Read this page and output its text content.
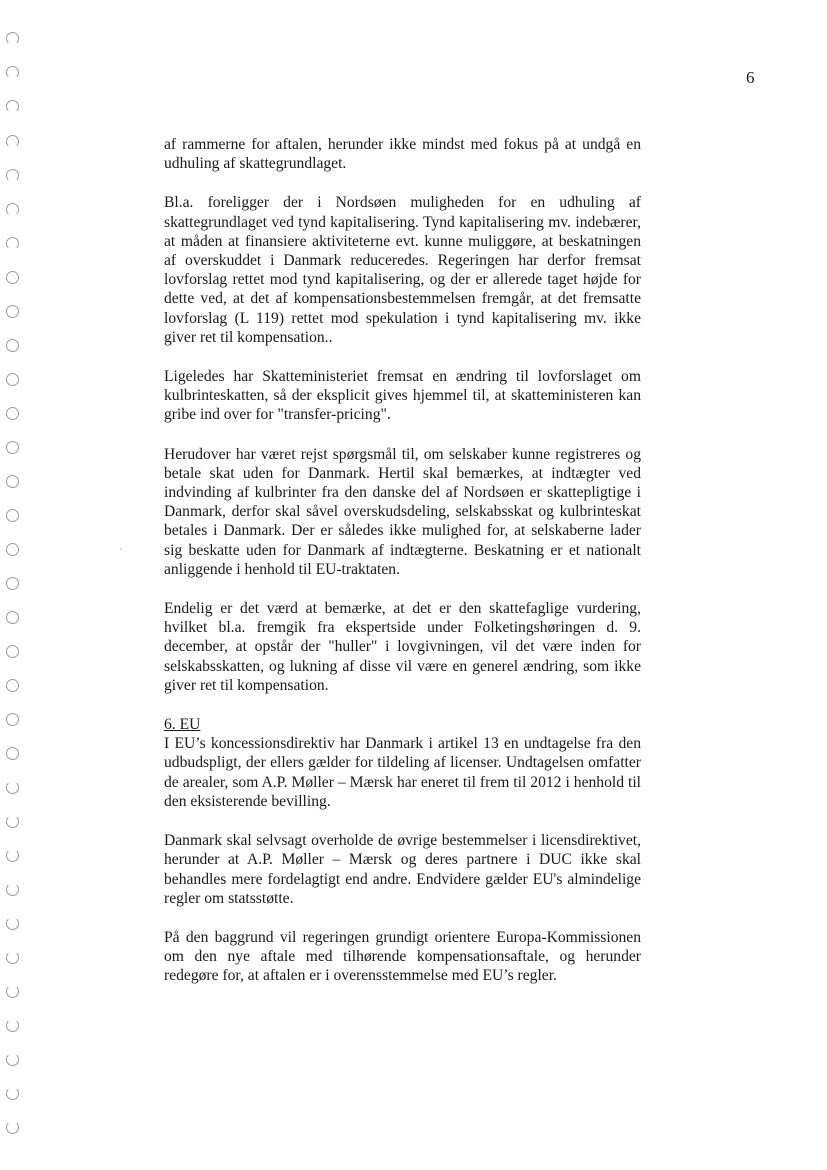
6

af rammerne for aftalen, herunder ikke mindst med fokus på at undgå en udhuling af skattegrundlaget.

Bl.a. foreligger der i Nordsøen muligheden for en udhuling af skattegrundlaget ved tynd kapitalisering. Tynd kapitalisering mv. indebærer, at måden at finansiere aktiviteterne evt. kunne muliggøre, at beskatningen af overskuddet i Danmark reduceredes. Regeringen har derfor fremsat lovforslag rettet mod tynd kapitalisering, og der er allerede taget højde for dette ved, at det af kompensationsbestemmelsen fremgår, at det fremsatte lovforslag (L 119) rettet mod spekulation i tynd kapitalisering mv. ikke giver ret til kompensation..

Ligeledes har Skatteministeriet fremsat en ændring til lovforslaget om kulbrinteskatten, så der eksplicit gives hjemmel til, at skatteministeren kan gribe ind over for "transfer-pricing".

Herudover har været rejst spørgsmål til, om selskaber kunne registreres og betale skat uden for Danmark. Hertil skal bemærkes, at indtægter ved indvinding af kulbrinter fra den danske del af Nordsøen er skattepligtige i Danmark, derfor skal såvel overskudsdeling, selskabsskat og kulbrinteskat betales i Danmark. Der er således ikke mulighed for, at selskaberne lader sig beskatte uden for Danmark af indtægterne. Beskatning er et nationalt anliggende i henhold til EU-traktaten.

Endelig er det værd at bemærke, at det er den skattefaglige vurdering, hvilket bl.a. fremgik fra ekspertside under Folketingshøringen d. 9. december, at opstår der "huller" i lovgivningen, vil det være inden for selskabsskatten, og lukning af disse vil være en generel ændring, som ikke giver ret til kompensation.

6. EU

I EU’s koncessionsdirektiv har Danmark i artikel 13 en undtagelse fra den udbudspligt, der ellers gælder for tildeling af licenser. Undtagelsen omfatter de arealer, som A.P. Møller – Mærsk har eneret til frem til 2012 i henhold til den eksisterende bevilling.

Danmark skal selvsagt overholde de øvrige bestemmelser i licensdirektivet, herunder at A.P. Møller – Mærsk og deres partnere i DUC ikke skal behandles mere fordelagtigt end andre. Endvidere gælder EU's almindelige regler om statsstøtte.

På den baggrund vil regeringen grundigt orientere Europa-Kommissionen om den nye aftale med tilhørende kompensationsaftale, og herunder redegøre for, at aftalen er i overensstemmelse med EU’s regler.
